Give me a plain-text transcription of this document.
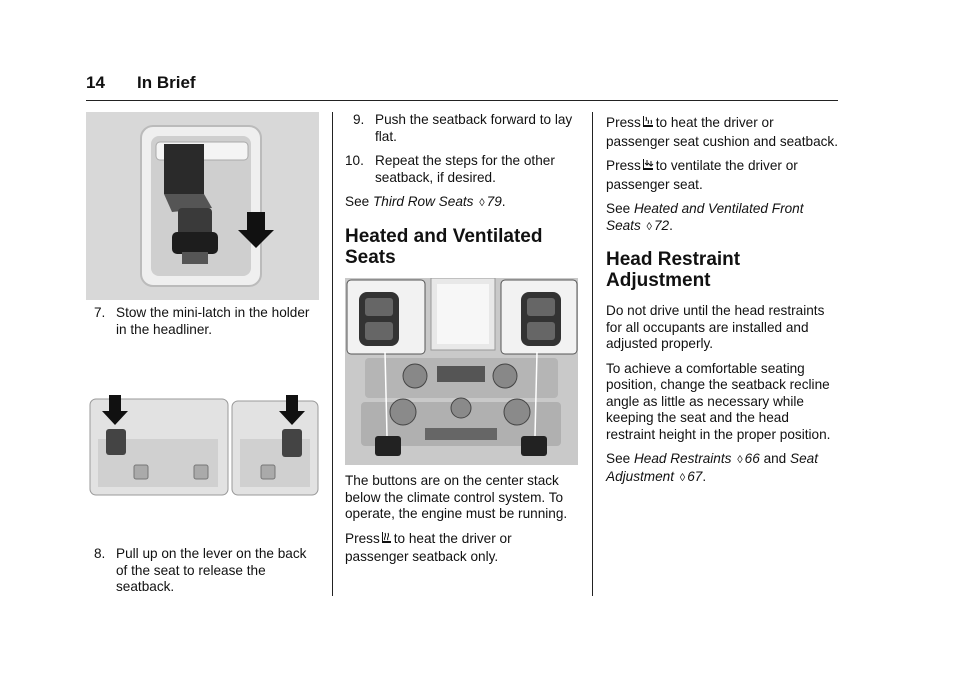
14 In Brief

7. Stow the mini-latch in the holder in the headliner.

8. Pull up on the lever on the back of the seat to release the seatback.

9. Push the seatback forward to lay flat.

10. Repeat the steps for the other seatback, if desired.

See Third Row Seats ◊ 79.

Heated and Ventilated Seats

The buttons are on the center stack below the climate control system. To operate, the engine must be running.

Press to heat the driver or passenger seatback only.

Press to heat the driver or passenger seat cushion and seatback.

Press to ventilate the driver or passenger seat.

See Heated and Ventilated Front Seats ◊ 72.

Head Restraint Adjustment

Do not drive until the head restraints for all occupants are installed and adjusted properly.

To achieve a comfortable seating position, change the seatback recline angle as little as necessary while keeping the seat and the head restraint height in the proper position.

See Head Restraints ◊ 66 and Seat Adjustment ◊ 67.
